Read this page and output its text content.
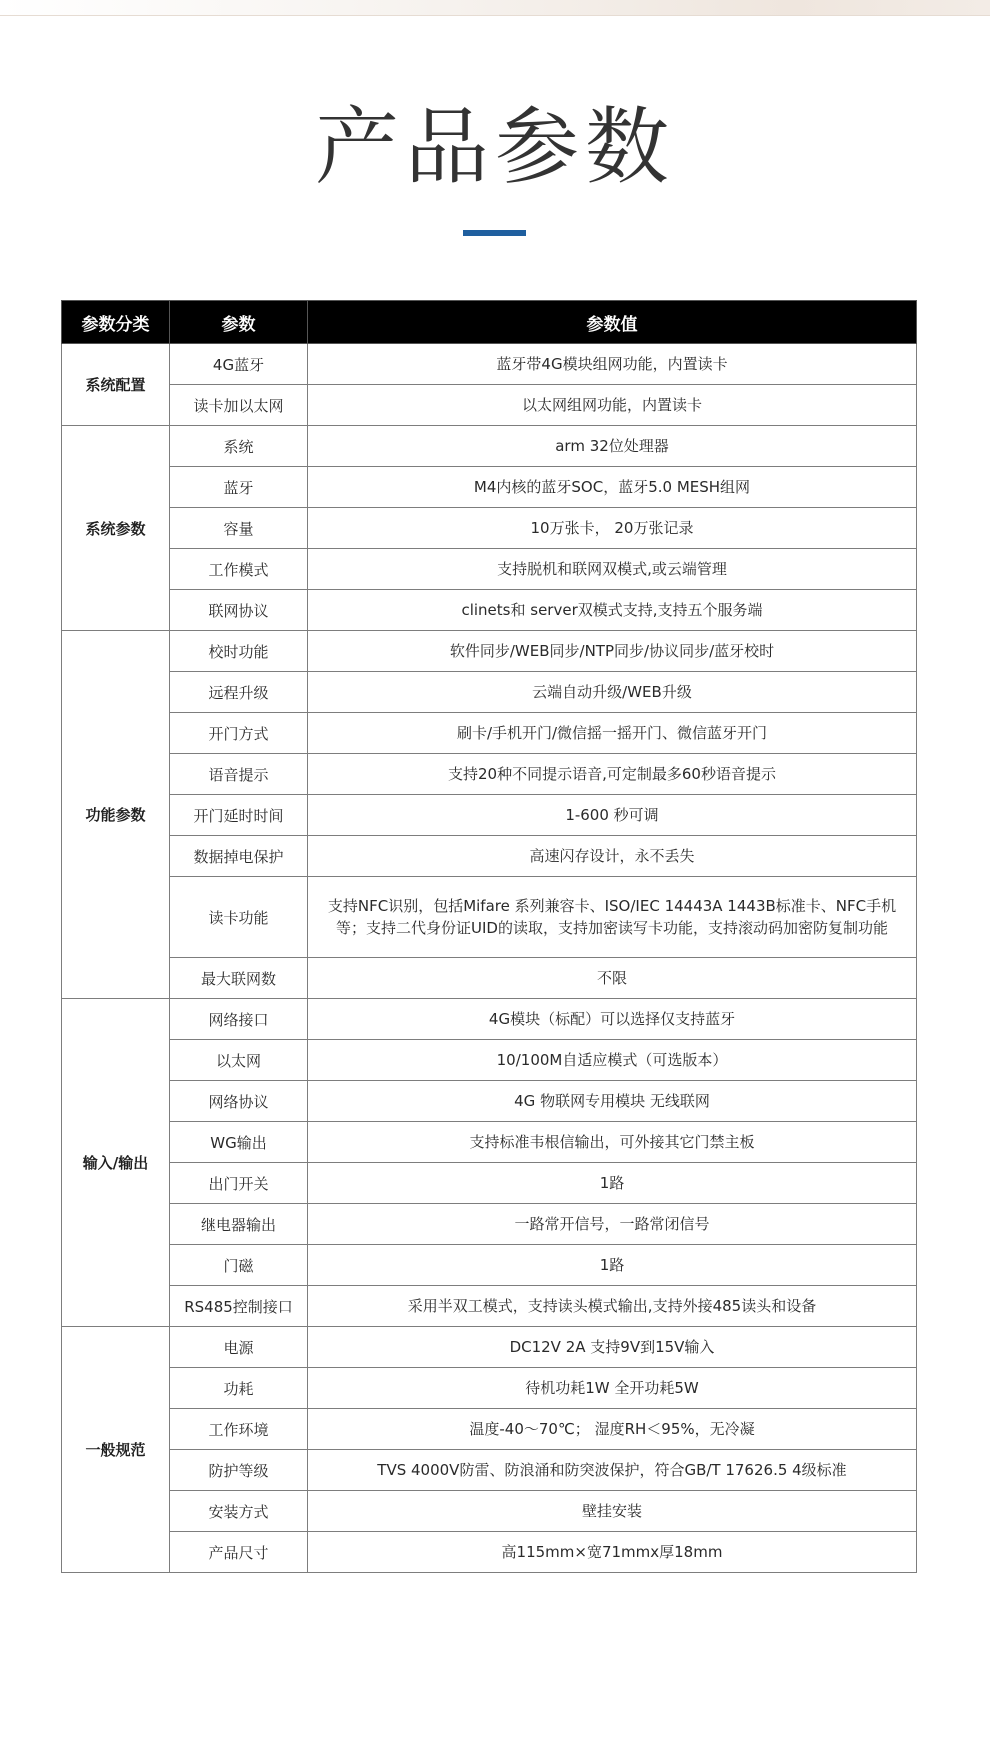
产品参数
参数分类	参数	参数值
系统配置	4G蓝牙	蓝牙带4G模块组网功能，内置读卡
	读卡加以太网	以太网组网功能，内置读卡
系统参数	系统	arm 32位处理器
	蓝牙	M4内核的蓝牙SOC，蓝牙5.0 MESH组网
	容量	10万张卡， 20万张记录
	工作模式	支持脱机和联网双模式,或云端管理
	联网协议	clinets和 server双模式支持,支持五个服务端
功能参数	校时功能	软件同步/WEB同步/NTP同步/协议同步/蓝牙校时
	远程升级	云端自动升级/WEB升级
	开门方式	刷卡/手机开门/微信摇一摇开门、微信蓝牙开门
	语音提示	支持20种不同提示语音,可定制最多60秒语音提示
	开门延时时间	1-600 秒可调
	数据掉电保护	高速闪存设计，永不丢失
	读卡功能	支持NFC识别，包括Mifare 系列兼容卡、ISO/IEC 14443A 1443B标准卡、NFC手机等；支持二代身份证UID的读取，支持加密读写卡功能，支持滚动码加密防复制功能
	最大联网数	不限
输入/输出	网络接口	4G模块（标配）可以选择仅支持蓝牙
	以太网	10/100M自适应模式（可选版本）
	网络协议	4G 物联网专用模块 无线联网
	WG输出	支持标准韦根信输出，可外接其它门禁主板
	出门开关	1路
	继电器输出	一路常开信号，一路常闭信号
	门磁	1路
	RS485控制接口	采用半双工模式，支持读头模式输出,支持外接485读头和设备
一般规范	电源	DC12V 2A 支持9V到15V输入
	功耗	待机功耗1W 全开功耗5W
	工作环境	温度-40～70℃； 湿度RH＜95%，无冷凝
	防护等级	TVS 4000V防雷、防浪涌和防突波保护，符合GB/T 17626.5 4级标准
	安装方式	壁挂安装
	产品尺寸	高115mm×宽71mmx厚18mm
